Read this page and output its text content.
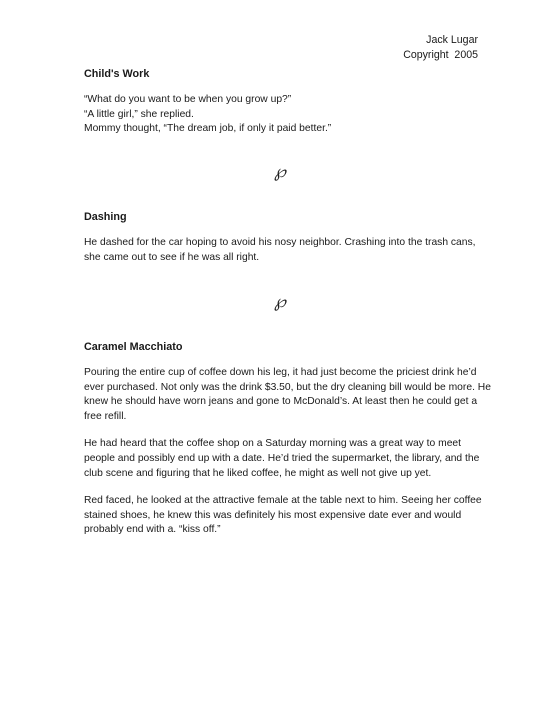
Jack Lugar
Copyright  2005

Child's Work

“What do you want to be when you grow up?”
“A little girl,” she replied.
Mommy thought, “The dream job, if only it paid better.”

℘

Dashing

He dashed for the car hoping to avoid his nosy neighbor. Crashing into the trash cans, she came out to see if he was all right.

℘

Caramel Macchiato

Pouring the entire cup of coffee down his leg, it had just become the priciest drink he’d ever purchased. Not only was the drink $3.50, but the dry cleaning bill would be more. He knew he should have worn jeans and gone to McDonald’s. At least then he could get a free refill.

He had heard that the coffee shop on a Saturday morning was a great way to meet people and possibly end up with a date. He’d tried the supermarket, the library, and the club scene and figuring that he liked coffee, he might as well not give up yet.

Red faced, he looked at the attractive female at the table next to him. Seeing her coffee stained shoes, he knew this was definitely his most expensive date ever and would probably end with a. “kiss off.”
